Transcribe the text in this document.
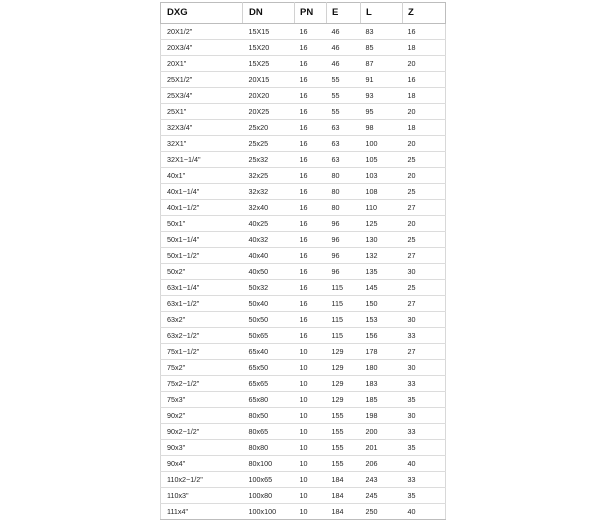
DXG	DN	PN	E	L	Z
20X1/2"	15X15	16	46	83	16
20X3/4"	15X20	16	46	85	18
20X1"	15X25	16	46	87	20
25X1/2"	20X15	16	55	91	16
25X3/4"	20X20	16	55	93	18
25X1"	20X25	16	55	95	20
32X3/4"	25x20	16	63	98	18
32X1"	25x25	16	63	100	20
32X1−1/4"	25x32	16	63	105	25
40x1"	32x25	16	80	103	20
40x1−1/4"	32x32	16	80	108	25
40x1−1/2"	32x40	16	80	110	27
50x1"	40x25	16	96	125	20
50x1−1/4"	40x32	16	96	130	25
50x1−1/2"	40x40	16	96	132	27
50x2"	40x50	16	96	135	30
63x1−1/4"	50x32	16	115	145	25
63x1−1/2"	50x40	16	115	150	27
63x2"	50x50	16	115	153	30
63x2−1/2"	50x65	16	115	156	33
75x1−1/2"	65x40	10	129	178	27
75x2"	65x50	10	129	180	30
75x2−1/2"	65x65	10	129	183	33
75x3"	65x80	10	129	185	35
90x2"	80x50	10	155	198	30
90x2−1/2"	80x65	10	155	200	33
90x3"	80x80	10	155	201	35
90x4"	80x100	10	155	206	40
110x2−1/2"	100x65	10	184	243	33
110x3"	100x80	10	184	245	35
111x4"	100x100	10	184	250	40
